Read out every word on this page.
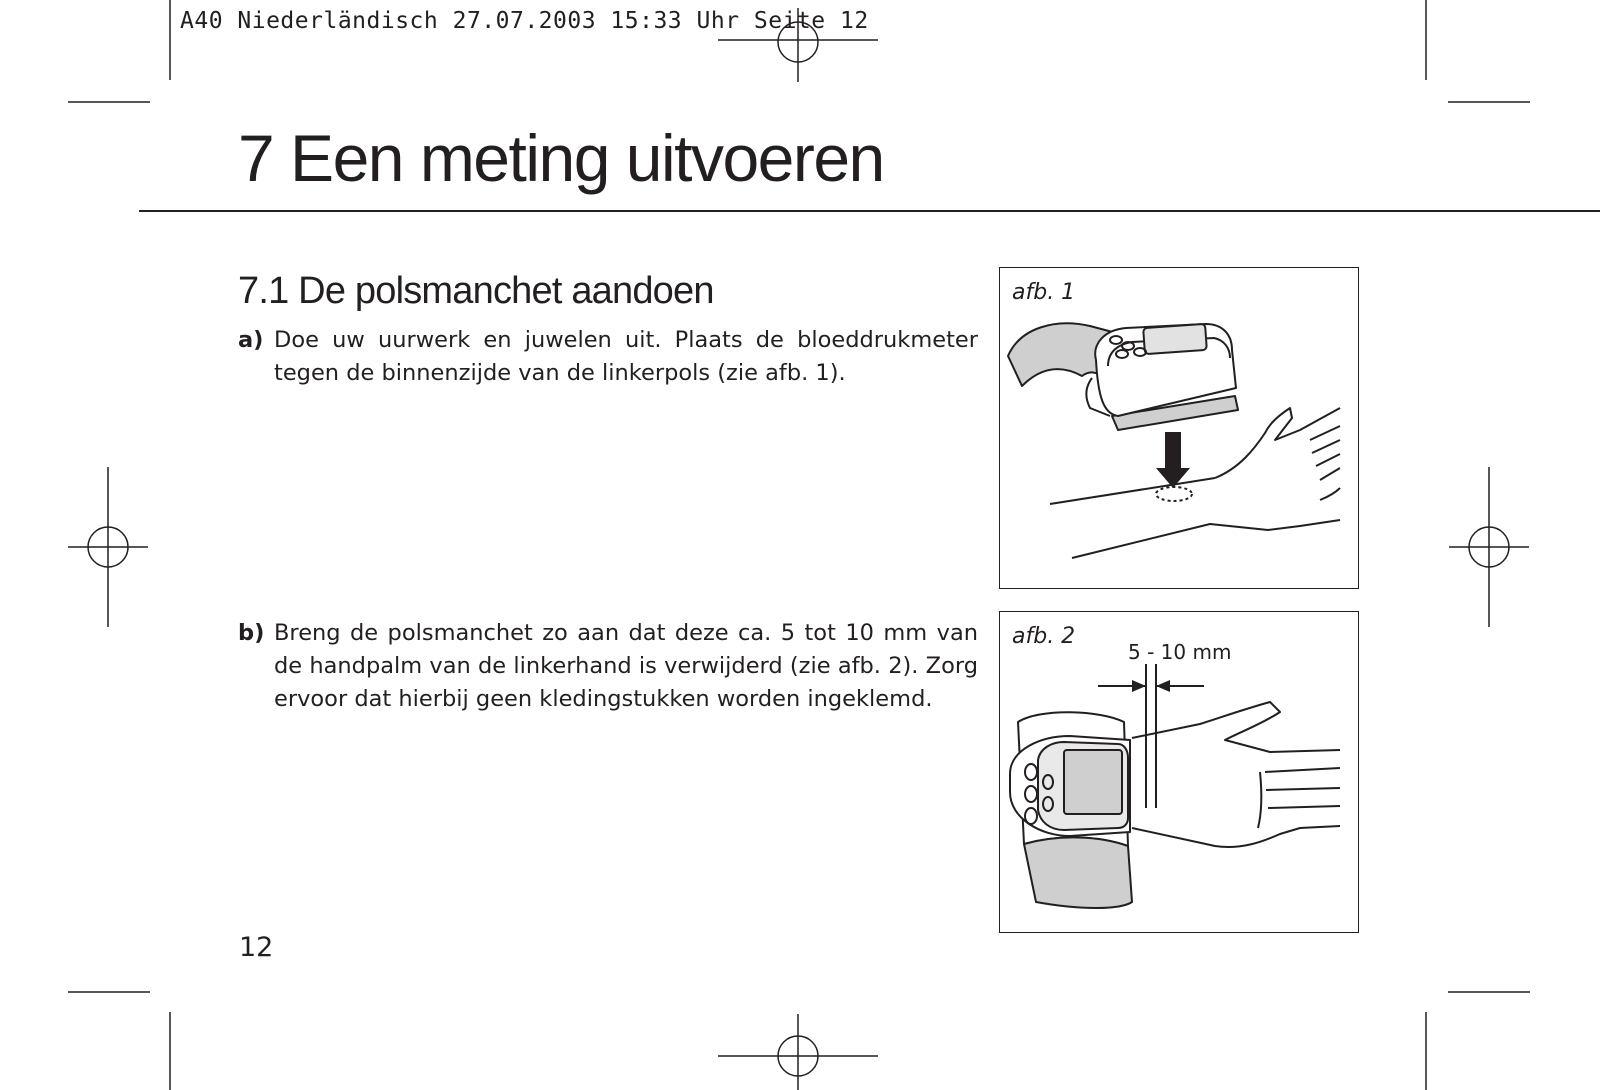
A40 Niederländisch 27.07.2003 15:33 Uhr Seite 12
7 Een meting uitvoeren
7.1 De polsmanchet aandoen
a) Doe uw uurwerk en juwelen uit. Plaats de bloeddrukmeter tegen de binnenzijde van de linkerpols (zie afb. 1).
b) Breng de polsmanchet zo aan dat deze ca. 5 tot 10 mm van de handpalm van de linkerhand is verwijderd (zie afb. 2). Zorg ervoor dat hierbij geen kledingstukken worden ingeklemd.
afb. 1
afb. 2
5 - 10 mm
12
